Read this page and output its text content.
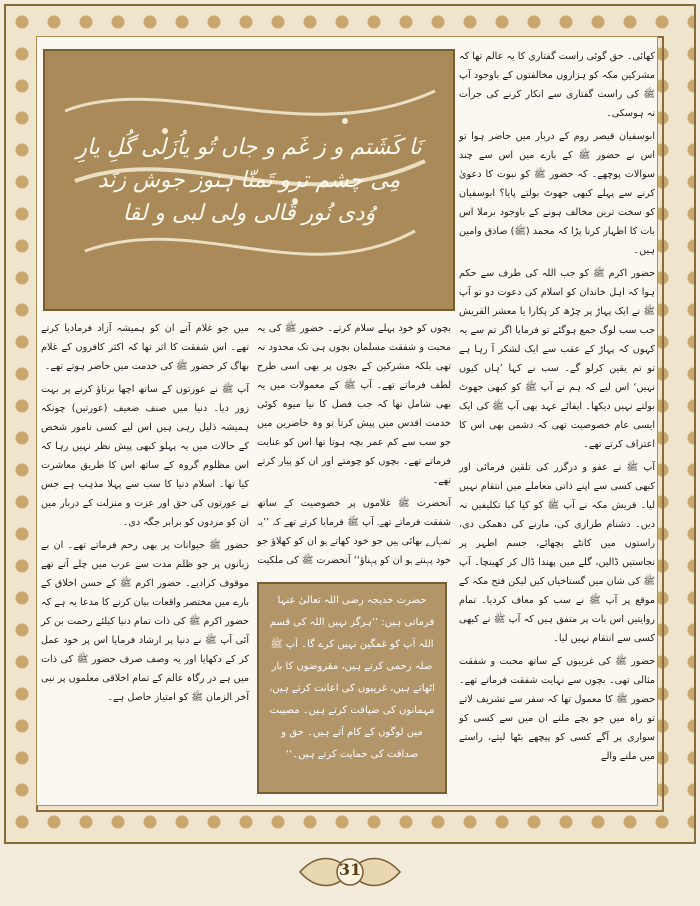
نَا کَشَتم و ز غَم و جاں تُو یاُزَلی گُلِ یارِ
مِی چشم ترو تَمنّا ہنوز جوش زنَد
وُدی نُور قَالی ولی لبی و لقا

کھائی۔ حق گوئی راست گفتاری کا یہ عالم تھا کہ مشرکین مکہ کو ہزاروں مخالفتوں کے باوجود آپ ﷺ کی راست گفتاری سے انکار کرنے کی جرأت نہ ہوسکی۔

ابوسفیان قیصر روم کے دربار میں حاضر ہوا تو اس نے حضور ﷺ کے بارے میں اس سے چند سوالات پوچھے۔ کہ حضور ﷺ کو نبوت کا دعویٰ کرنے سے پہلے کبھی جھوٹ بولتے پایا؟ ابوسفیان کو سخت ترین مخالف ہونے کے باوجود برملا اس بات کا اظہار کرنا پڑا کہ محمد (ﷺ) صادق وامین ہیں۔

حضور اکرم ﷺ کو جب اللہ کی طرف سے حکم ہوا کہ اہل خاندان کو اسلام کی دعوت دو تو آپ ﷺ نے ایک پہاڑ پر چڑھ کر پکارا یا معشر القریش جب سب لوگ جمع ہوگئے تو فرمایا اگر تم سے یہ کہوں کہ پہاڑ کے عقب سے ایک لشکر آ رہا ہے تو تم یقین کرلو گے۔ سب نے کہا ’ہاں کیوں نہیں‘ اس لیے کہ ہم نے آپ ﷺ کو کبھی جھوٹ بولتے نہیں دیکھا۔ ایفائے عہد بھی آپ ﷺ کی ایک ایسی عام خصوصیت تھی کہ دشمن بھی اس کا اعتراف کرتے تھے۔

آپ ﷺ نے عفو و درگزر کی تلقین فرمائی اور کبھی کسی سے اپنے ذاتی معاملے میں انتقام نہیں لیا۔ قریش مکہ نے آپ ﷺ کو کیا کیا تکلیفیں نہ دیں۔ دشنام طرازی کی، مارنے کی دھمکی دی، راستوں میں کانٹے بچھائے، جسم اطہر پر نجاستیں ڈالیں، گلے میں پھندا ڈال کر کھینچا۔ آپ ﷺ کی شان میں گستاخیاں کیں لیکن فتح مکہ کے موقع پر آپ ﷺ نے سب کو معاف کردیا۔ تمام روایتیں اس بات پر متفق ہیں کہ آپ ﷺ نے کبھی کسی سے انتقام نہیں لیا۔

حضور ﷺ کی غریبوں کے ساتھ محبت و شفقت مثالی تھی۔ بچوں سے نہایت شفقت فرماتے تھے۔ حضور ﷺ کا معمول تھا کہ سفر سے تشریف لاتے تو راہ میں جو بچے ملتے ان میں سے کسی کو سواری پر آگے کسی کو پیچھے بٹھا لیتے، راستے میں ملنے والے

بچوں کو خود پہلے سلام کرتے۔ حضور ﷺ کی یہ محبت و شفقت مسلمان بچوں ہی تک محدود نہ تھی بلکہ مشرکین کے بچوں پر بھی اسی طرح لطف فرماتے تھے۔ آپ ﷺ کے معمولات میں یہ بھی شامل تھا کہ جب فصل کا نیا میوہ کوئی خدمت اقدس میں پیش کرتا تو وہ حاضرین میں جو سب سے کم عمر بچہ ہوتا تھا اس کو عنایت فرماتے تھے۔ بچوں کو چومتے اور ان کو پیار کرتے تھے۔

آنحضرت ﷺ غلاموں پر خصوصیت کے ساتھ شفقت فرماتے تھے۔ آپ ﷺ فرمایا کرتے تھے کہ ’’یہ تمہارے بھائی ہیں جو خود کھاتے ہو ان کو کھلاؤ جو خود پہنتے ہو ان کو پہناؤ‘‘ آنحضرت ﷺ کی ملکیت

حضرت خدیجہ رضی اللہ تعالیٰ عنہا فرماتی ہیں: ’’ہرگز نہیں اللہ کی قسم اللہ آپ کو غمگین نہیں کرے گا۔ آپ ﷺ صلہ رحمی کرتے ہیں، مقروضوں کا بار اٹھاتے ہیں، غریبوں کی اعانت کرتے ہیں، مہمانوں کی ضیافت کرتے ہیں۔ مصیبت میں لوگوں کے کام آتے ہیں۔ حق و صداقت کی حمایت کرتے ہیں۔‘‘

میں جو غلام آتے ان کو ہمیشہ آزاد فرمادیا کرتے تھے۔ اس شفقت کا اثر تھا کہ اکثر کافروں کے غلام بھاگ کر حضور ﷺ کی خدمت میں حاضر ہوتے تھے۔

آپ ﷺ نے عورتوں کے ساتھ اچھا برتاؤ کرنے پر بہت زور دیا۔ دنیا میں صنف ضعیف (عورتیں) چونکہ ہمیشہ ذلیل رہی ہیں اس لیے کسی نامور شخص کے حالات میں یہ پہلو کبھی پیش نظر نہیں رہا کہ اس مظلوم گروہ کے ساتھ اس کا طریق معاشرت کیا تھا۔ اسلام دنیا کا سب سے پہلا مذہب ہے جس نے عورتوں کی حق اور عزت و منزلت کے دربار میں ان کو مردوں کو برابر جگہ دی۔

حضور ﷺ حیوانات پر بھی رحم فرماتے تھے۔ ان بے زبانوں پر جو ظلم مدت سے عرب میں چلے آتے تھے موقوف کرادیے۔ حضور اکرم ﷺ کے حسن اخلاق کے بارے میں مختصر واقعات بیان کرنے کا مدعا یہ ہے کہ حضور اکرم ﷺ کی ذات تمام دنیا کیلئے رحمت بن کر آئی آپ ﷺ نے دنیا پر ارشاد فرمایا اس پر خود عمل کر کے دکھایا اور یہ وصف صرف حضور ﷺ کی ذات میں ہے در رگاہ عالم کے تمام اخلاقی معلموں پر نبی آخر الزمان ﷺ کو امتیاز حاصل ہے۔

31
